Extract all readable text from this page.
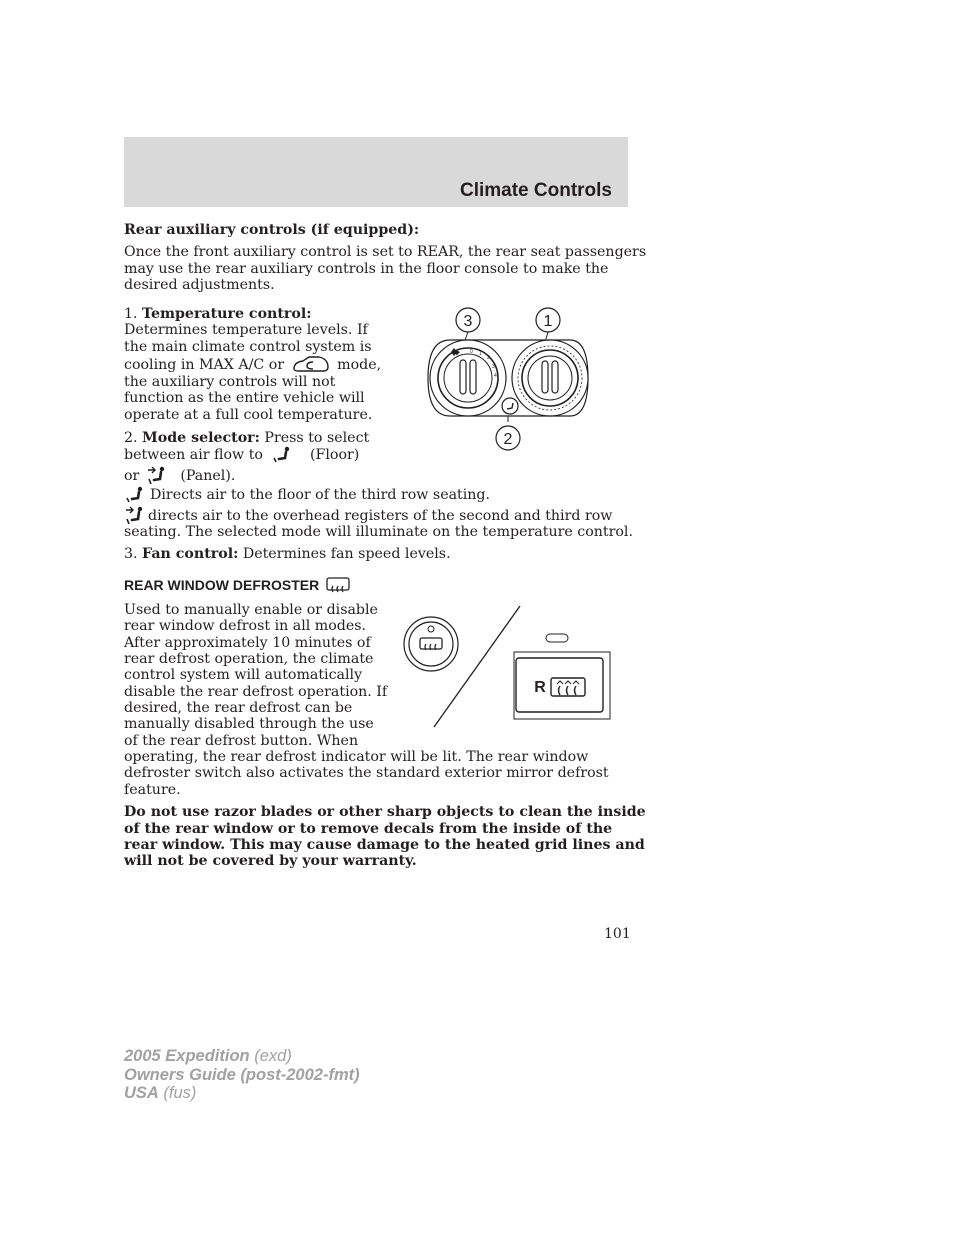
Climate Controls
Rear auxiliary controls (if equipped):
Once the front auxiliary control is set to REAR, the rear seat passengers
may use the rear auxiliary controls in the floor console to make the
desired adjustments.
1. Temperature control:
Determines temperature levels. If
the main climate control system is
cooling in MAX A/C or	mode,
the auxiliary controls will not
function as the entire vehicle will
operate at a full cool temperature.
2. Mode selector: Press to select
between air flow to	(Floor)
or	(Panel).
Directs air to the floor of the third row seating.
directs air to the overhead registers of the second and third row
seating. The selected mode will illuminate on the temperature control.
3. Fan control: Determines fan speed levels.
0 1
2
3
4
3	1
2
REAR WINDOW DEFROSTER
Used to manually enable or disable
rear window defrost in all modes.
After approximately 10 minutes of
rear defrost operation, the climate
control system will automatically
disable the rear defrost operation. If
desired, the rear defrost can be
manually disabled through the use
of the rear defrost button. When
operating, the rear defrost indicator will be lit. The rear window
defroster switch also activates the standard exterior mirror defrost
feature.
R
Do not use razor blades or other sharp objects to clean the inside
of the rear window or to remove decals from the inside of the
rear window. This may cause damage to the heated grid lines and
will not be covered by your warranty.
101
2005 Expedition (exd)
Owners Guide (post-2002-fmt)
USA (fus)
